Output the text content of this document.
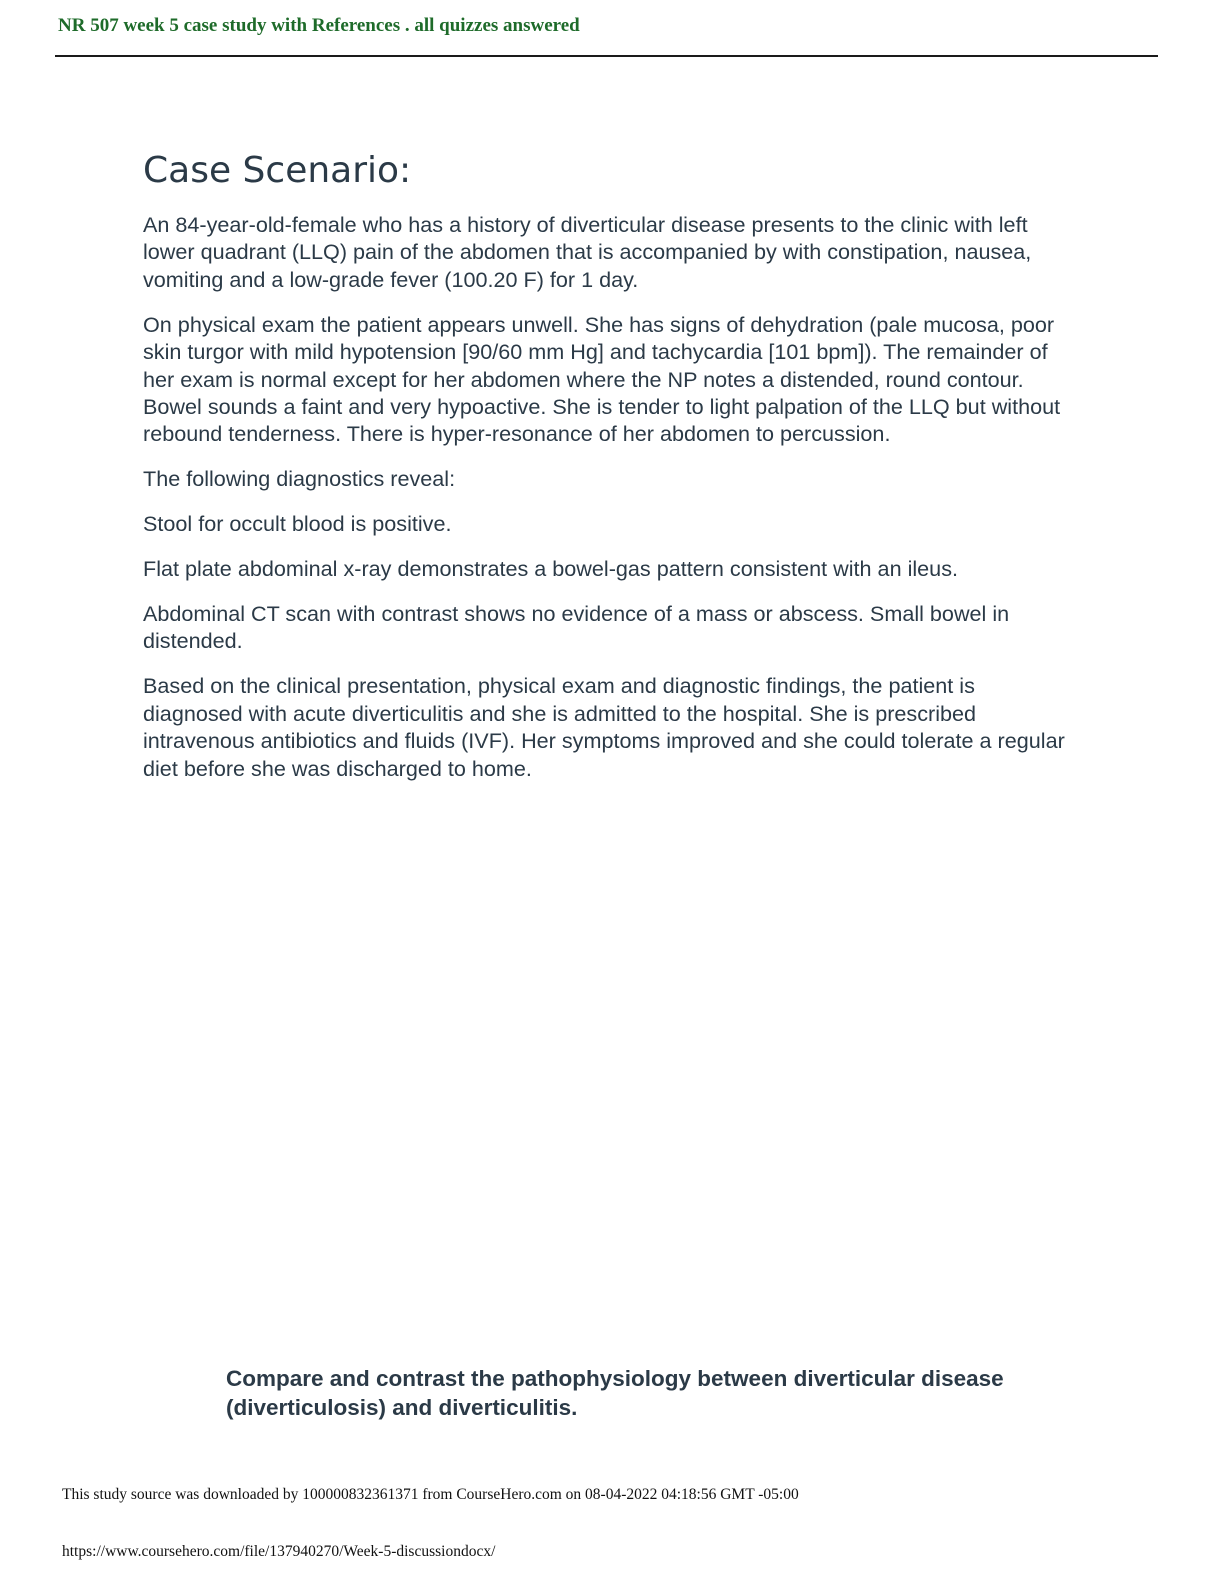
NR 507 week 5 case study with References . all quizzes answered
Case Scenario:

An 84-year-old-female who has a history of diverticular disease presents to the clinic with left lower quadrant (LLQ) pain of the abdomen that is accompanied by with constipation, nausea, vomiting and a low-grade fever (100.20 F) for 1 day.

On physical exam the patient appears unwell. She has signs of dehydration (pale mucosa, poor skin turgor with mild hypotension [90/60 mm Hg] and tachycardia [101 bpm]). The remainder of her exam is normal except for her abdomen where the NP notes a distended, round contour. Bowel sounds a faint and very hypoactive. She is tender to light palpation of the LLQ but without rebound tenderness. There is hyper-resonance of her abdomen to percussion.

The following diagnostics reveal:

Stool for occult blood is positive.

Flat plate abdominal x-ray demonstrates a bowel-gas pattern consistent with an ileus.

Abdominal CT scan with contrast shows no evidence of a mass or abscess. Small bowel in distended.

Based on the clinical presentation, physical exam and diagnostic findings, the patient is diagnosed with acute diverticulitis and she is admitted to the hospital. She is prescribed intravenous antibiotics and fluids (IVF). Her symptoms improved and she could tolerate a regular diet before she was discharged to home.

Compare and contrast the pathophysiology between diverticular disease (diverticulosis) and diverticulitis.
This study source was downloaded by 100000832361371 from CourseHero.com on 08-04-2022 04:18:56 GMT -05:00
https://www.coursehero.com/file/137940270/Week-5-discussiondocx/
